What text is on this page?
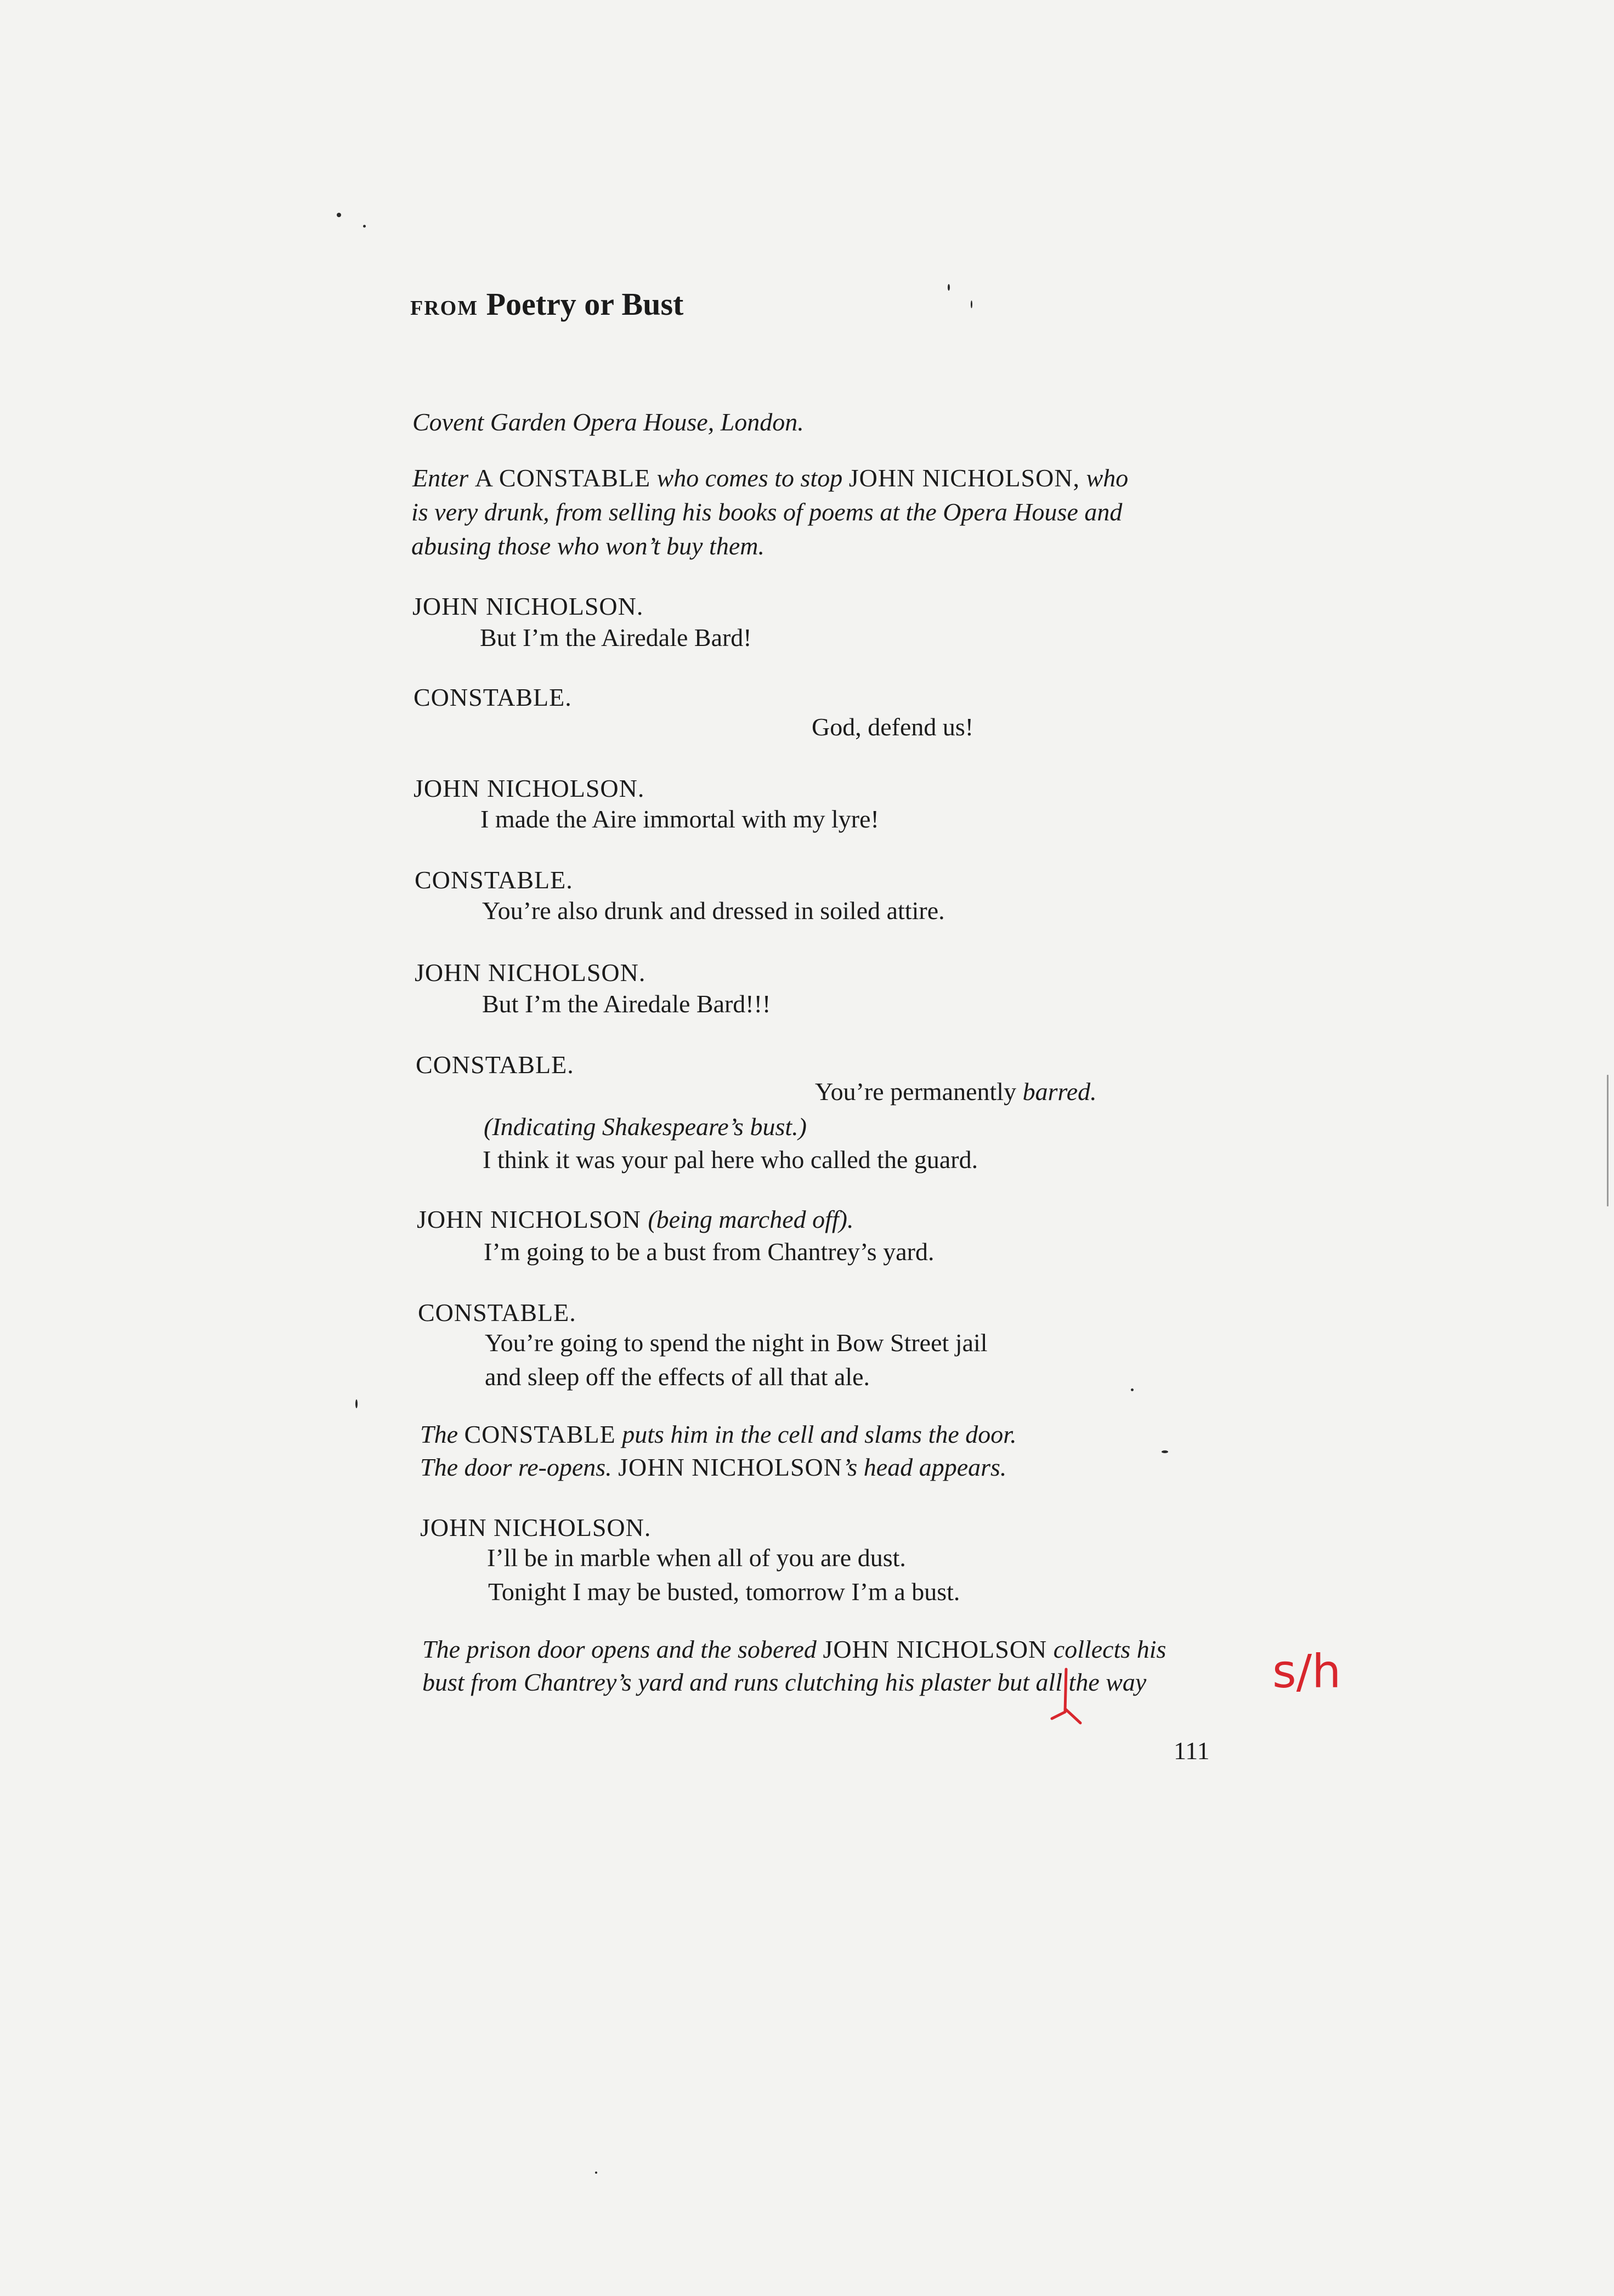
FROM Poetry or Bust
Covent Garden Opera House, London.
Enter A CONSTABLE who comes to stop JOHN NICHOLSON, who
is very drunk, from selling his books of poems at the Opera House and
abusing those who won’t buy them.
JOHN NICHOLSON.
But I’m the Airedale Bard!
CONSTABLE.
God, defend us!
JOHN NICHOLSON.
I made the Aire immortal with my lyre!
CONSTABLE.
You’re also drunk and dressed in soiled attire.
JOHN NICHOLSON.
But I’m the Airedale Bard!!!
CONSTABLE.
You’re permanently barred.
(Indicating Shakespeare’s bust.)
I think it was your pal here who called the guard.
JOHN NICHOLSON (being marched off).
I’m going to be a bust from Chantrey’s yard.
CONSTABLE.
You’re going to spend the night in Bow Street jail
and sleep off the effects of all that ale.
The CONSTABLE puts him in the cell and slams the door.
The door re-opens. JOHN NICHOLSON’s head appears.
JOHN NICHOLSON.
I’ll be in marble when all of you are dust.
Tonight I may be busted, tomorrow I’m a bust.
The prison door opens and the sobered JOHN NICHOLSON collects his
bust from Chantrey’s yard and runs clutching his plaster but all the way	s/h
111
